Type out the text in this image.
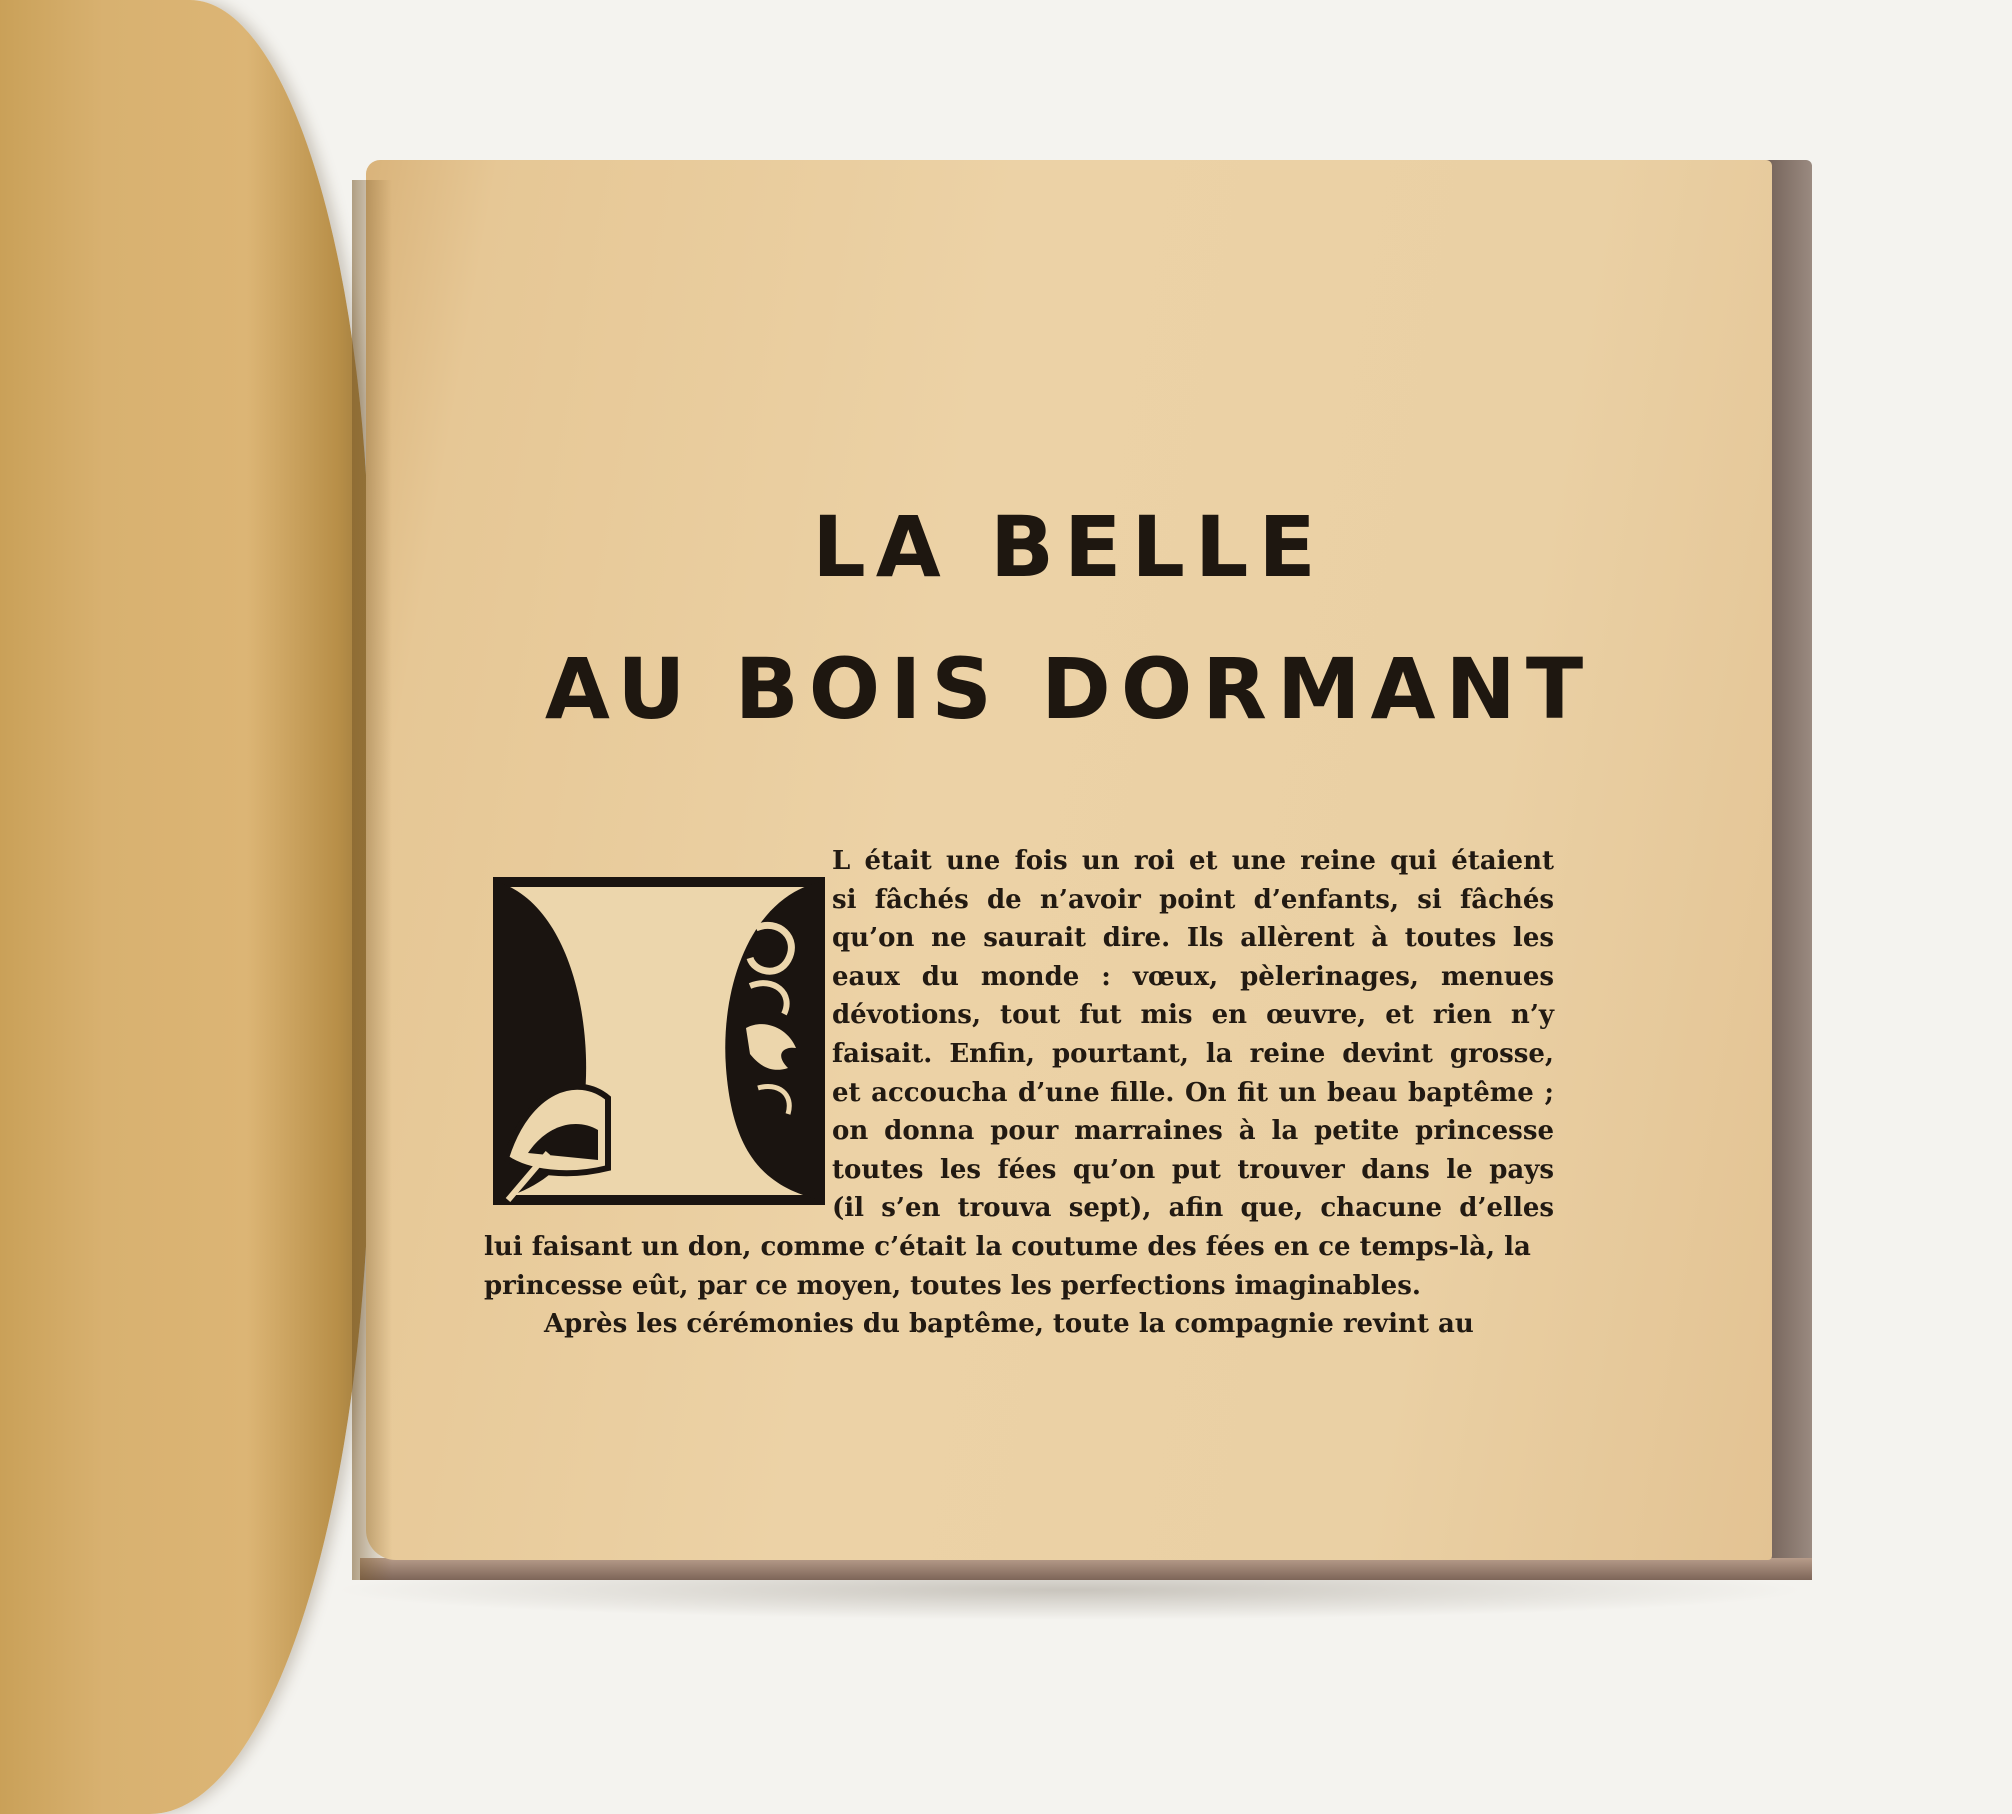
LA BELLE
AU BOIS DORMANT
L était une fois un roi et une reine qui étaient
si fâchés de n’avoir point d’enfants, si fâchés
qu’on ne saurait dire. Ils allèrent à toutes les
eaux du monde : vœux, pèlerinages, menues
dévotions, tout fut mis en œuvre, et rien n’y
faisait. Enfin, pourtant, la reine devint grosse,
et accoucha d’une fille. On fit un beau baptême ;
on donna pour marraines à la petite princesse
toutes les fées qu’on put trouver dans le pays
(il s’en trouva sept), afin que, chacune d’elles
lui faisant un don, comme c’était la coutume des fées en ce temps-là, la
princesse eût, par ce moyen, toutes les perfections imaginables.
Après les cérémonies du baptême, toute la compagnie revint au
